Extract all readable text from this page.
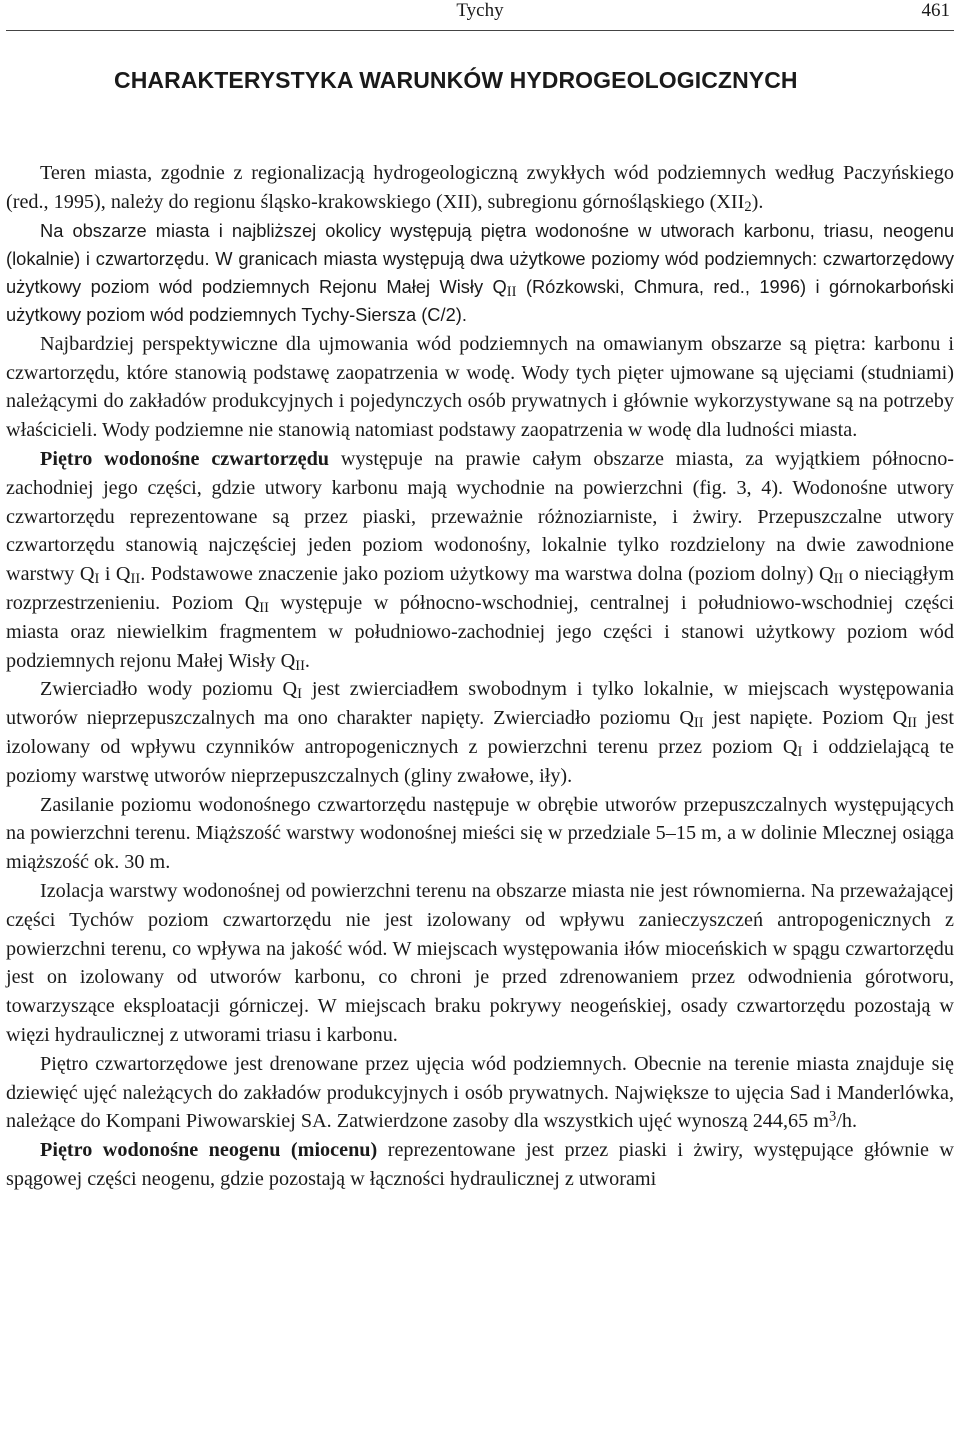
Tychy	461
CHARAKTERYSTYKA WARUNKÓW HYDROGEOLOGICZNYCH

Teren miasta, zgodnie z regionalizacją hydrogeologiczną zwykłych wód podziemnych według Paczyńskiego (red., 1995), należy do regionu śląsko-krakowskiego (XII), subregionu górnośląskiego $(XII_2)$.

Na obszarze miasta i najbliższej okolicy występują piętra wodonośne w utworach karbonu, triasu, neogenu (lokalnie) i czwartorzędu. W granicach miasta występują dwa użytkowe poziomy wód podziemnych: czwartorzędowy użytkowy poziom wód podziemnych Rejonu Małej Wisły $Q_{II}$ (Rózkowski, Chmura, red., 1996) i górnokarboński użytkowy poziom wód podziemnych Tychy-Siersza (C/2).

Najbardziej perspektywiczne dla ujmowania wód podziemnych na omawianym obszarze są piętra: karbonu i czwartorzędu, które stanowią podstawę zaopatrzenia w wodę. Wody tych pięter ujmowane są ujęciami (studniami) należącymi do zakładów produkcyjnych i pojedynczych osób prywatnych i głównie wykorzystywane są na potrzeby właścicieli. Wody podziemne nie stanowią natomiast podstawy zaopatrzenia w wodę dla ludności miasta.

Piętro wodonośne czwartorzędu występuje na prawie całym obszarze miasta, za wyjątkiem północno-zachodniej jego części, gdzie utwory karbonu mają wychodnie na powierzchni (fig. 3, 4). Wodonośne utwory czwartorzędu reprezentowane są przez piaski, przeważnie różnoziarniste, i żwiry. Przepuszczalne utwory czwartorzędu stanowią najczęściej jeden poziom wodonośny, lokalnie tylko rozdzielony na dwie zawodnione warstwy $Q_I$ i $Q_{II}$. Podstawowe znaczenie jako poziom użytkowy ma warstwa dolna (poziom dolny) $Q_{II}$ o nieciągłym rozprzestrzenieniu. Poziom $Q_{II}$ występuje w północno-wschodniej, centralnej i południowo-wschodniej części miasta oraz niewielkim fragmentem w południowo-zachodniej jego części i stanowi użytkowy poziom wód podziemnych rejonu Małej Wisły $Q_{II}$.

Zwierciadło wody poziomu $Q_I$ jest zwierciadłem swobodnym i tylko lokalnie, w miejscach występowania utworów nieprzepuszczalnych ma ono charakter napięty. Zwierciadło poziomu $Q_{II}$ jest napięte. Poziom $Q_{II}$ jest izolowany od wpływu czynników antropogenicznych z powierzchni terenu przez poziom $Q_I$ i oddzielającą te poziomy warstwę utworów nieprzepuszczalnych (gliny zwałowe, iły).

Zasilanie poziomu wodonośnego czwartorzędu następuje w obrębie utworów przepuszczalnych występujących na powierzchni terenu. Miąższość warstwy wodonośnej mieści się w przedziale 5–15 m, a w dolinie Mlecznej osiąga miąższość ok. 30 m.

Izolacja warstwy wodonośnej od powierzchni terenu na obszarze miasta nie jest równomierna. Na przeważającej części Tychów poziom czwartorzędu nie jest izolowany od wpływu zanieczyszczeń antropogenicznych z powierzchni terenu, co wpływa na jakość wód. W miejscach występowania iłów mioceńskich w spągu czwartorzędu jest on izolowany od utworów karbonu, co chroni je przed zdrenowaniem przez odwodnienia górotworu, towarzyszące eksploatacji górniczej. W miejscach braku pokrywy neogeńskiej, osady czwartorzędu pozostają w więzi hydraulicznej z utworami triasu i karbonu.

Piętro czwartorzędowe jest drenowane przez ujęcia wód podziemnych. Obecnie na terenie miasta znajduje się dziewięć ujęć należących do zakładów produkcyjnych i osób prywatnych. Największe to ujęcia Sad i Manderlówka, należące do Kompani Piwowarskiej SA. Zatwierdzone zasoby dla wszystkich ujęć wynoszą 244,65 $m^3/h$.

Piętro wodonośne neogenu (miocenu) reprezentowane jest przez piaski i żwiry, występujące głównie w spągowej części neogenu, gdzie pozostają w łączności hydraulicznej z utworami
